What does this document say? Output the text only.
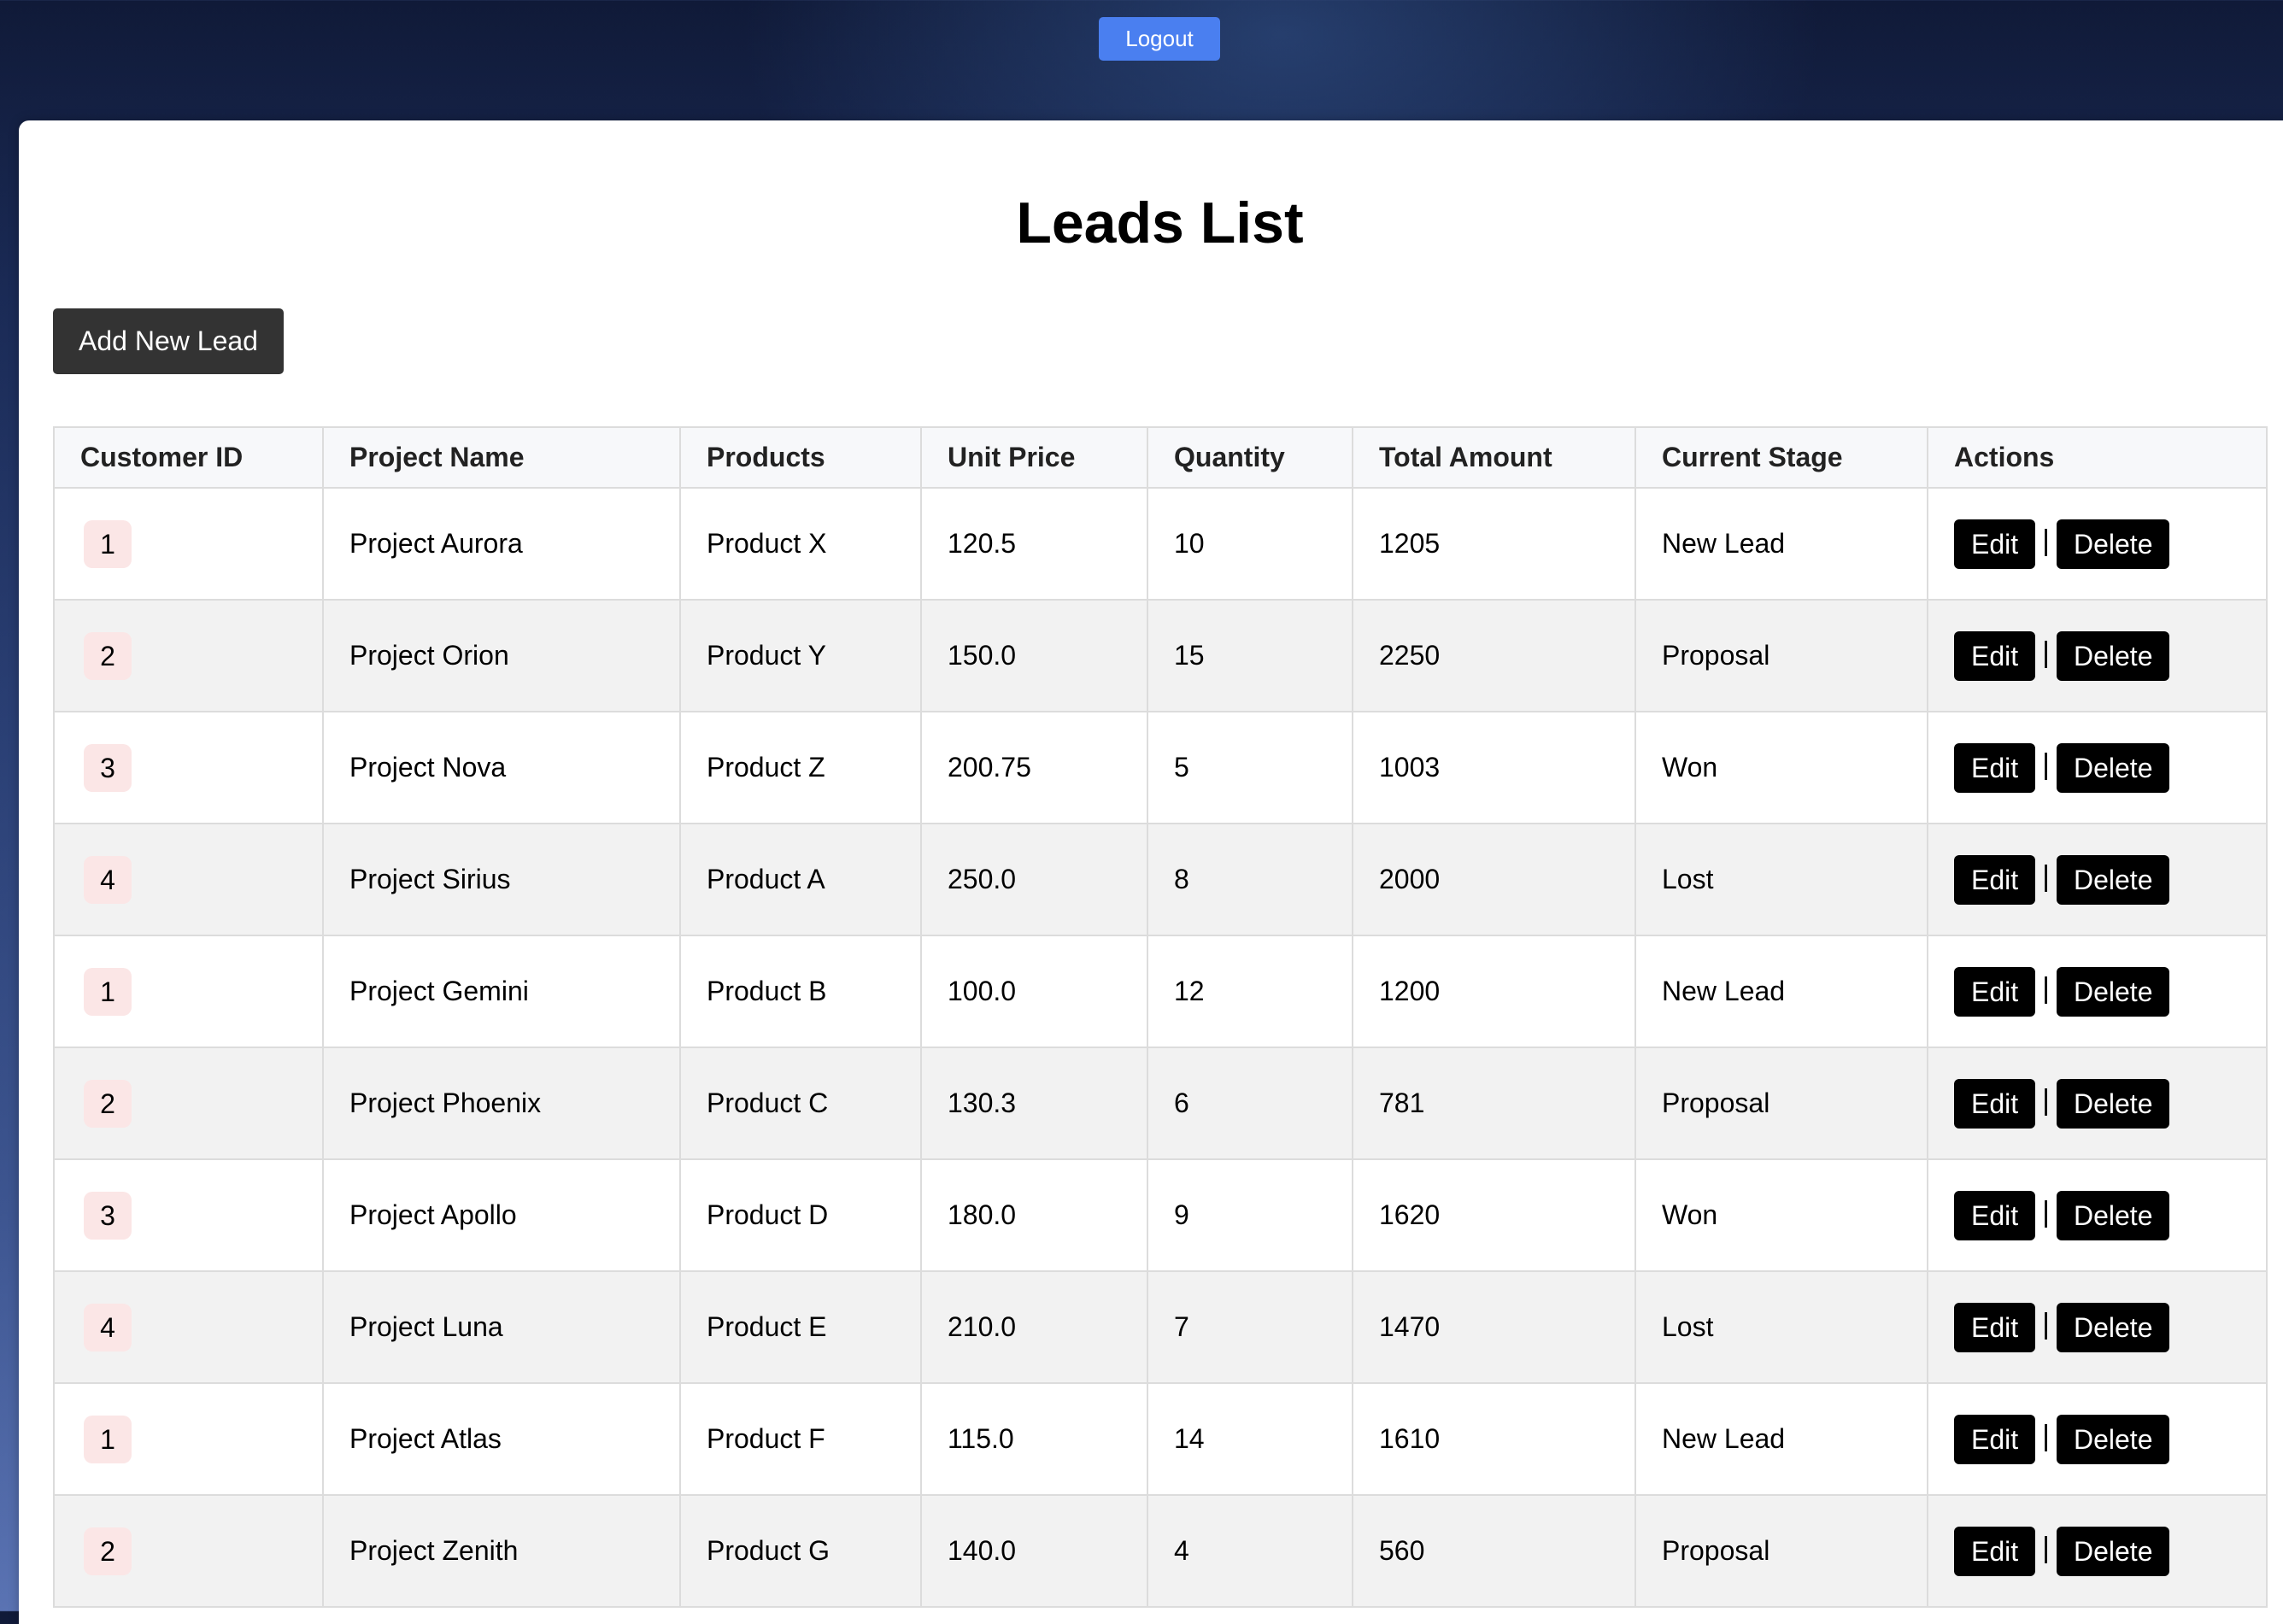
Logout
Leads List
Add New Lead
Customer ID	Project Name	Products	Unit Price	Quantity	Total Amount	Current Stage	Actions
1	Project Aurora	Product X	120.5	10	1205	New Lead	Edit | Delete
2	Project Orion	Product Y	150.0	15	2250	Proposal	Edit | Delete
3	Project Nova	Product Z	200.75	5	1003	Won	Edit | Delete
4	Project Sirius	Product A	250.0	8	2000	Lost	Edit | Delete
1	Project Gemini	Product B	100.0	12	1200	New Lead	Edit | Delete
2	Project Phoenix	Product C	130.3	6	781	Proposal	Edit | Delete
3	Project Apollo	Product D	180.0	9	1620	Won	Edit | Delete
4	Project Luna	Product E	210.0	7	1470	Lost	Edit | Delete
1	Project Atlas	Product F	115.0	14	1610	New Lead	Edit | Delete
2	Project Zenith	Product G	140.0	4	560	Proposal	Edit | Delete
